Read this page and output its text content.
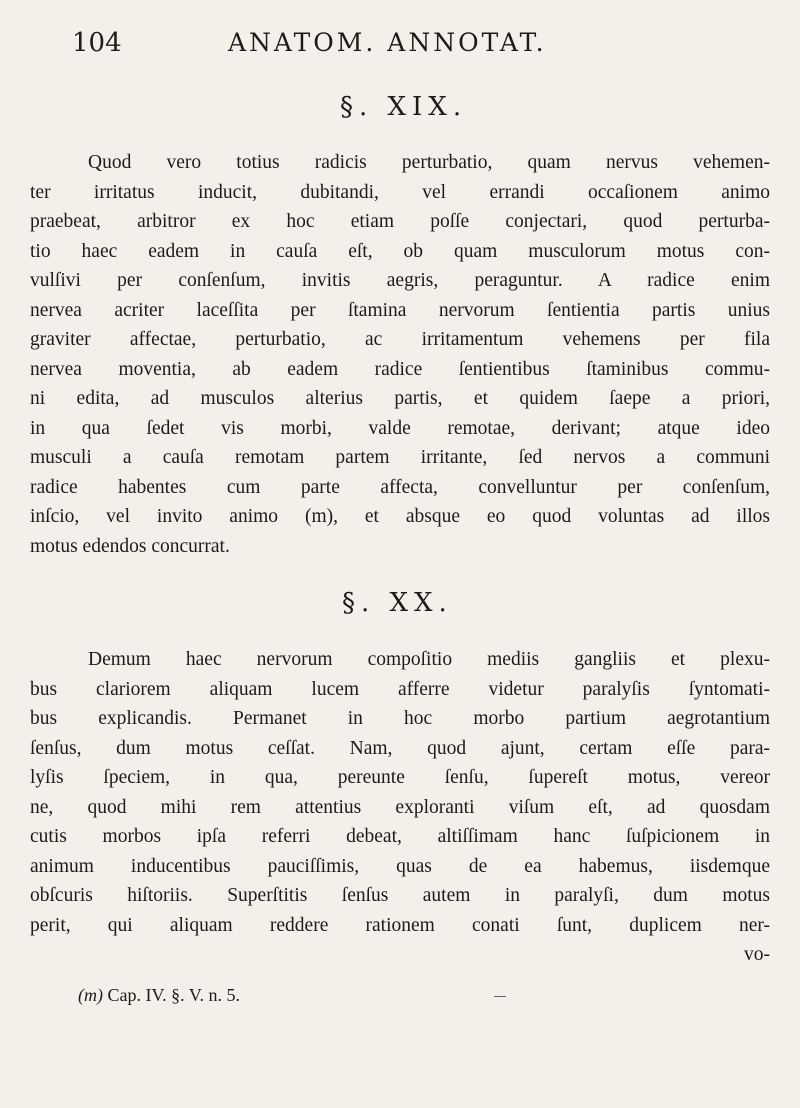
104	ANATOM. ANNOTAT.
§. XIX.
Quod vero totius radicis perturbatio, quam nervus vehemen-
ter irritatus inducit, dubitandi, vel errandi occaſionem animo
praebeat, arbitror ex hoc etiam poſſe conjectari, quod perturba-
tio haec eadem in cauſa eſt, ob quam musculorum motus con-
vulſivi per conſenſum, invitis aegris, peraguntur. A radice enim
nervea acriter laceſſita per ſtamina nervorum ſentientia partis unius
graviter affectae, perturbatio, ac irritamentum vehemens per fila
nervea moventia, ab eadem radice ſentientibus ſtaminibus commu-
ni edita, ad musculos alterius partis, et quidem ſaepe a priori,
in qua ſedet vis morbi, valde remotae, derivant; atque ideo
musculi a cauſa remotam partem irritante, ſed nervos a communi
radice habentes cum parte affecta, convelluntur per conſenſum,
inſcio, vel invito animo (m), et absque eo quod voluntas ad illos
motus edendos concurrat.
§. XX.
Demum haec nervorum compoſitio mediis gangliis et plexu-
bus clariorem aliquam lucem afferre videtur paralyſis ſyntomati-
bus explicandis. Permanet in hoc morbo partium aegrotantium
ſenſus, dum motus ceſſat. Nam, quod ajunt, certam eſſe para-
lyſis ſpeciem, in qua, pereunte ſenſu, ſupereſt motus, vereor
ne, quod mihi rem attentius exploranti viſum eſt, ad quosdam
cutis morbos ipſa referri debeat, altiſſimam hanc ſuſpicionem in
animum inducentibus pauciſſimis, quas de ea habemus, iisdemque
obſcuris hiſtoriis. Superſtitis ſenſus autem in paralyſi, dum motus
perit, qui aliquam reddere rationem conati ſunt, duplicem ner-
vo-
(m) Cap. IV. §. V. n. 5.
